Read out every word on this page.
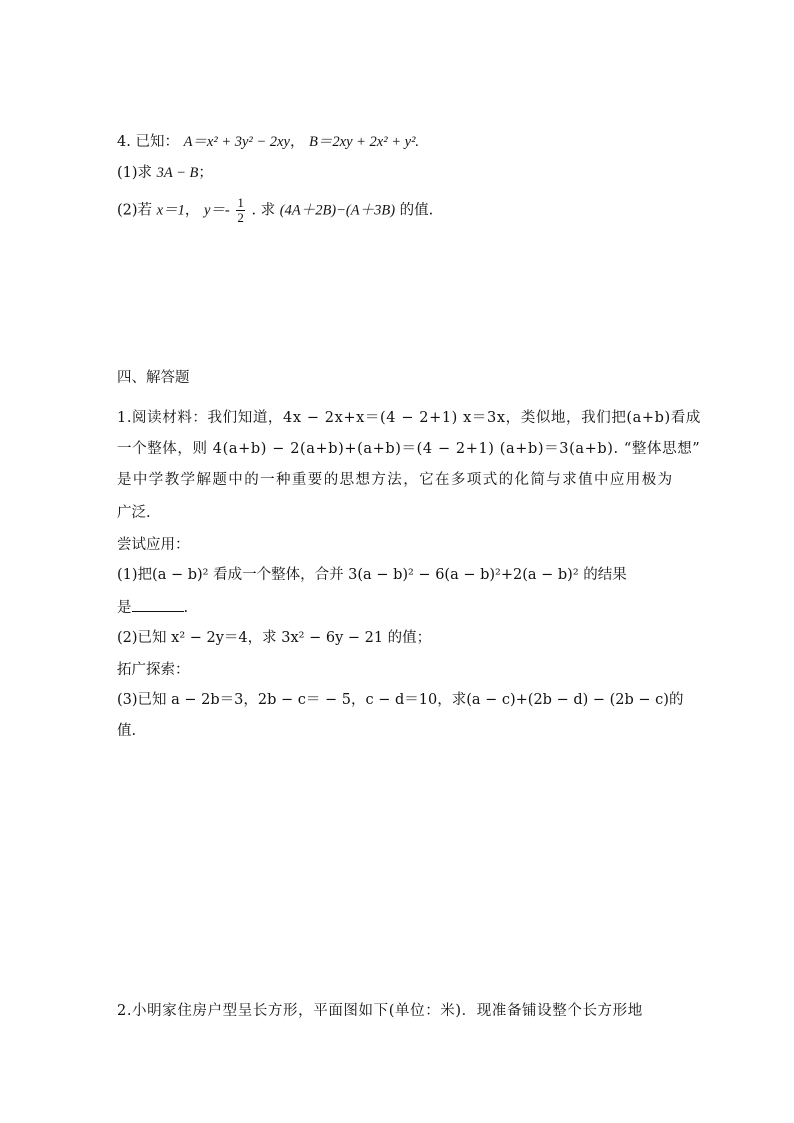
4. 已知： A＝x² + 3y² − 2xy， B＝2xy + 2x² + y².
(1)求 3A − B；
(2)若 x＝1， $y=- \frac{1}{2}$ . 求 (4A＋2B)−(A＋3B) 的值.
四、解答题
1.阅读材料：我们知道，4x − 2x+x＝(4 − 2+1) x＝3x，类似地，我们把(a+b)看成
一个整体，则 4(a+b) − 2(a+b)+(a+b)＝(4 − 2+1) (a+b)＝3(a+b). “整体思想”
是中学教学解题中的一种重要的思想方法，它在多项式的化简与求值中应用极为
广泛.
尝试应用：
(1)把(a − b)² 看成一个整体，合并 3(a − b)² − 6(a − b)²+2(a − b)² 的结果
是	.
(2)已知 x² − 2y＝4，求 3x² − 6y − 21 的值；
拓广探索：
(3)已知 a − 2b＝3，2b − c＝ − 5，c − d＝10，求(a − c)+(2b − d) − (2b − c)的
值.
2.小明家住房户型呈长方形，平面图如下(单位：米)．现准备铺设整个长方形地
